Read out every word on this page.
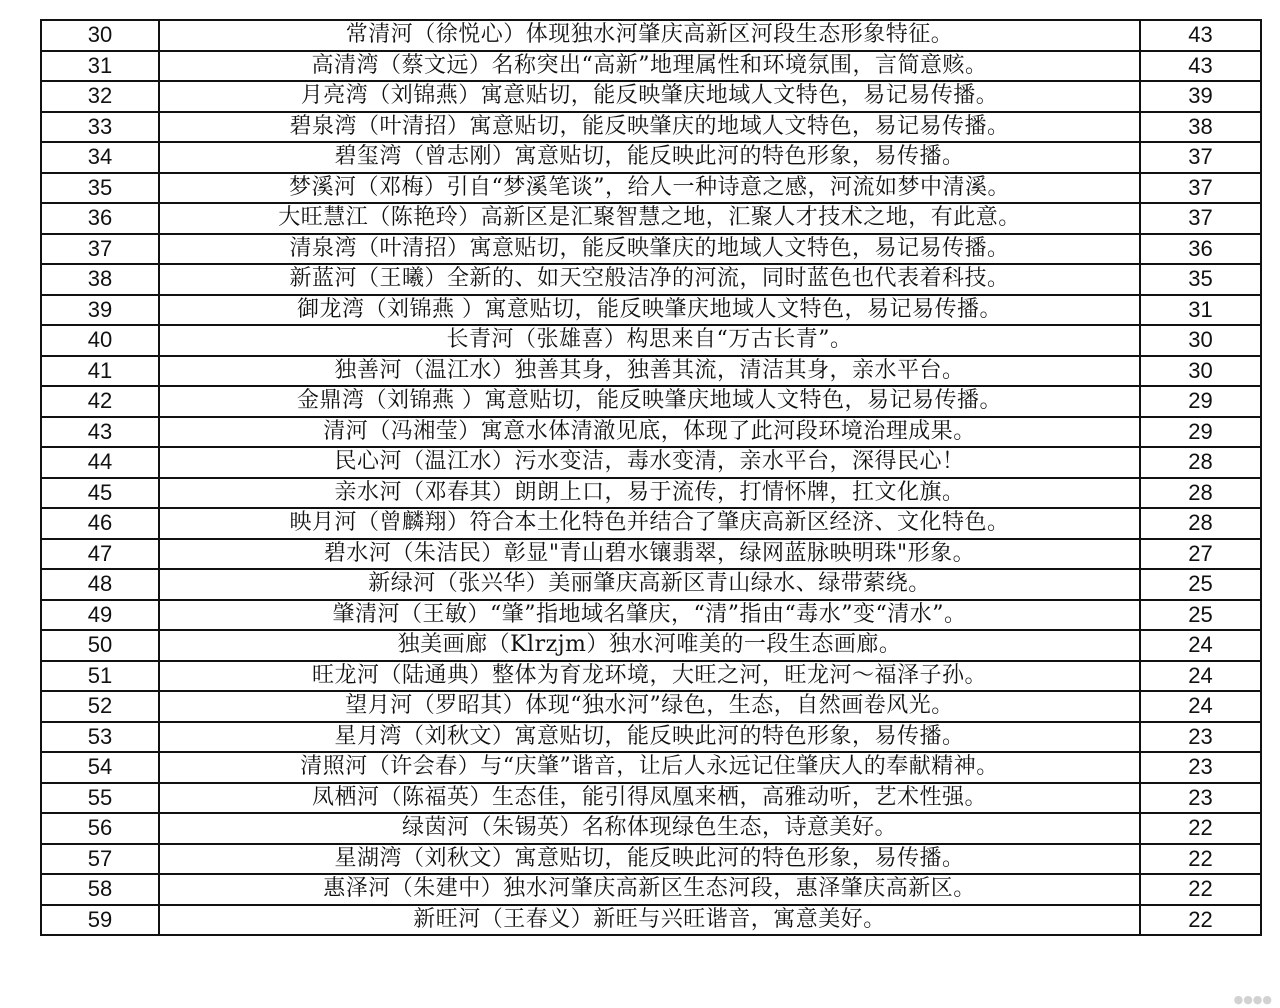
30	常清河（徐悦心）体现独水河肇庆高新区河段生态形象特征。	43
31	高清湾（蔡文远）名称突出“高新”地理属性和环境氛围，言简意赅。	43
32	月亮湾（刘锦燕）寓意贴切，能反映肇庆地域人文特色，易记易传播。	39
33	碧泉湾（叶清招）寓意贴切，能反映肇庆的地域人文特色，易记易传播。	38
34	碧玺湾（曾志刚）寓意贴切，能反映此河的特色形象，易传播。	37
35	梦溪河（邓梅）引自“梦溪笔谈”，给人一种诗意之感，河流如梦中清溪。	37
36	大旺慧江（陈艳玲）高新区是汇聚智慧之地，汇聚人才技术之地，有此意。	37
37	清泉湾（叶清招）寓意贴切，能反映肇庆的地域人文特色，易记易传播。	36
38	新蓝河（王曦）全新的、如天空般洁净的河流，同时蓝色也代表着科技。	35
39	御龙湾（刘锦燕 ）寓意贴切，能反映肇庆地域人文特色，易记易传播。	31
40	长青河（张雄喜）构思来自“万古长青”。	30
41	独善河（温江水）独善其身，独善其流，清洁其身，亲水平台。	30
42	金鼎湾（刘锦燕 ）寓意贴切，能反映肇庆地域人文特色，易记易传播。	29
43	清河（冯湘莹）寓意水体清澈见底，体现了此河段环境治理成果。	29
44	民心河（温江水）污水变洁，毒水变清，亲水平台，深得民心！	28
45	亲水河（邓春其）朗朗上口，易于流传，打情怀牌，扛文化旗。	28
46	映月河（曾麟翔）符合本土化特色并结合了肇庆高新区经济、文化特色。	28
47	碧水河（朱洁民）彰显"青山碧水镶翡翠，绿网蓝脉映明珠"形象。	27
48	新绿河（张兴华）美丽肇庆高新区青山绿水、绿带萦绕。	25
49	肇清河（王敏）“肇”指地域名肇庆，“清”指由“毒水”变“清水”。	25
50	独美画廊（Klrzjm）独水河唯美的一段生态画廊。	24
51	旺龙河（陆通典）整体为育龙环境，大旺之河，旺龙河～福泽子孙。	24
52	望月河（罗昭其）体现“独水河”绿色，生态，自然画卷风光。	24
53	星月湾（刘秋文）寓意贴切，能反映此河的特色形象，易传播。	23
54	清照河（许会春）与“庆肇”谐音，让后人永远记住肇庆人的奉献精神。	23
55	凤栖河（陈福英）生态佳，能引得凤凰来栖，高雅动听，艺术性强。	23
56	绿茵河（朱锡英）名称体现绿色生态，诗意美好。	22
57	星湖湾（刘秋文）寓意贴切，能反映此河的特色形象，易传播。	22
58	惠泽河（朱建中）独水河肇庆高新区生态河段，惠泽肇庆高新区。	22
59	新旺河（王春义）新旺与兴旺谐音，寓意美好。	22
●●●●
